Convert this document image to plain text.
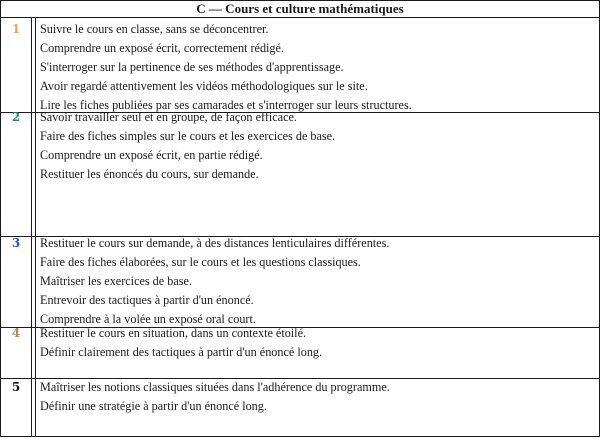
C — Cours et culture mathématiques
1	Suivre le cours en classe, sans se déconcentrer.
Comprendre un exposé écrit, correctement rédigé.
S'interroger sur la pertinence de ses méthodes d'apprentissage.
Avoir regardé attentivement les vidéos méthodologiques sur le site.
Lire les fiches publiées par ses camarades et s'interroger sur leurs structures.
2	Savoir travailler seul et en groupe, de façon efficace.
Faire des fiches simples sur le cours et les exercices de base.
Comprendre un exposé écrit, en partie rédigé.
Restituer les énoncés du cours, sur demande.
3	Restituer le cours sur demande, à des distances lenticulaires différentes.
Faire des fiches élaborées, sur le cours et les questions classiques.
Maîtriser les exercices de base.
Entrevoir des tactiques à partir d'un énoncé.
Comprendre à la volée un exposé oral court.
4	Restituer le cours en situation, dans un contexte étoilé.
Définir clairement des tactiques à partir d'un énoncé long.
5	Maîtriser les notions classiques situées dans l'adhérence du programme.
Définir une stratégie à partir d'un énoncé long.
